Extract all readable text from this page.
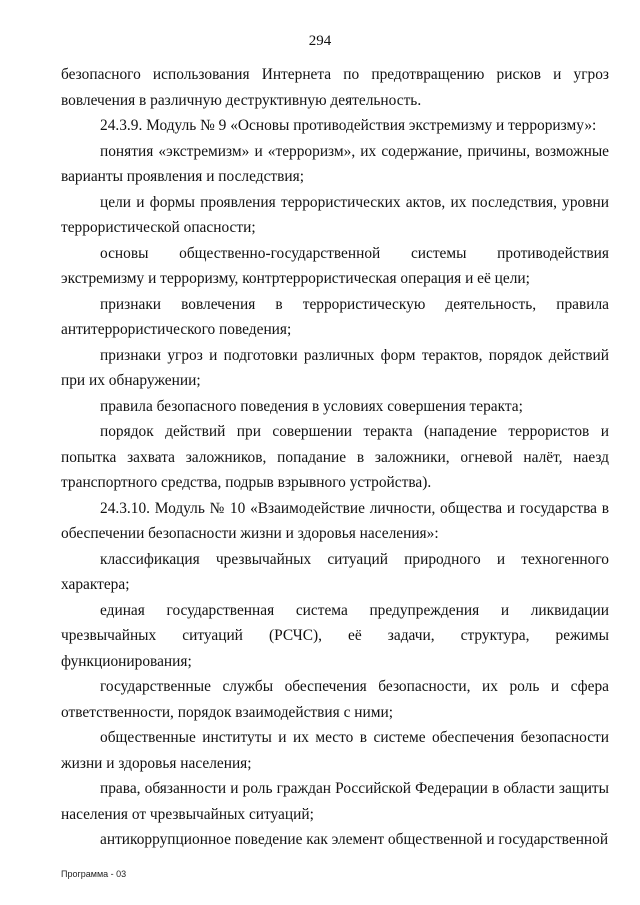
294

безопасного использования Интернета по предотвращению рисков и угроз вовлечения в различную деструктивную деятельность.

24.3.9. Модуль № 9 «Основы противодействия экстремизму и терроризму»:

понятия «экстремизм» и «терроризм», их содержание, причины, возможные варианты проявления и последствия;

цели и формы проявления террористических актов, их последствия, уровни террористической опасности;

основы общественно-государственной системы противодействия экстремизму и терроризму, контртеррористическая операция и её цели;

признаки вовлечения в террористическую деятельность, правила антитеррористического поведения;

признаки угроз и подготовки различных форм терактов, порядок действий при их обнаружении;

правила безопасного поведения в условиях совершения теракта;

порядок действий при совершении теракта (нападение террористов и попытка захвата заложников, попадание в заложники, огневой налёт, наезд транспортного средства, подрыв взрывного устройства).

24.3.10. Модуль № 10 «Взаимодействие личности, общества и государства в обеспечении безопасности жизни и здоровья населения»:

классификация чрезвычайных ситуаций природного и техногенного характера;

единая государственная система предупреждения и ликвидации чрезвычайных ситуаций (РСЧС), её задачи, структура, режимы функционирования;

государственные службы обеспечения безопасности, их роль и сфера ответственности, порядок взаимодействия с ними;

общественные институты и их место в системе обеспечения безопасности жизни и здоровья населения;

права, обязанности и роль граждан Российской Федерации в области защиты населения от чрезвычайных ситуаций;

антикоррупционное поведение как элемент общественной и государственной

Программа - 03
